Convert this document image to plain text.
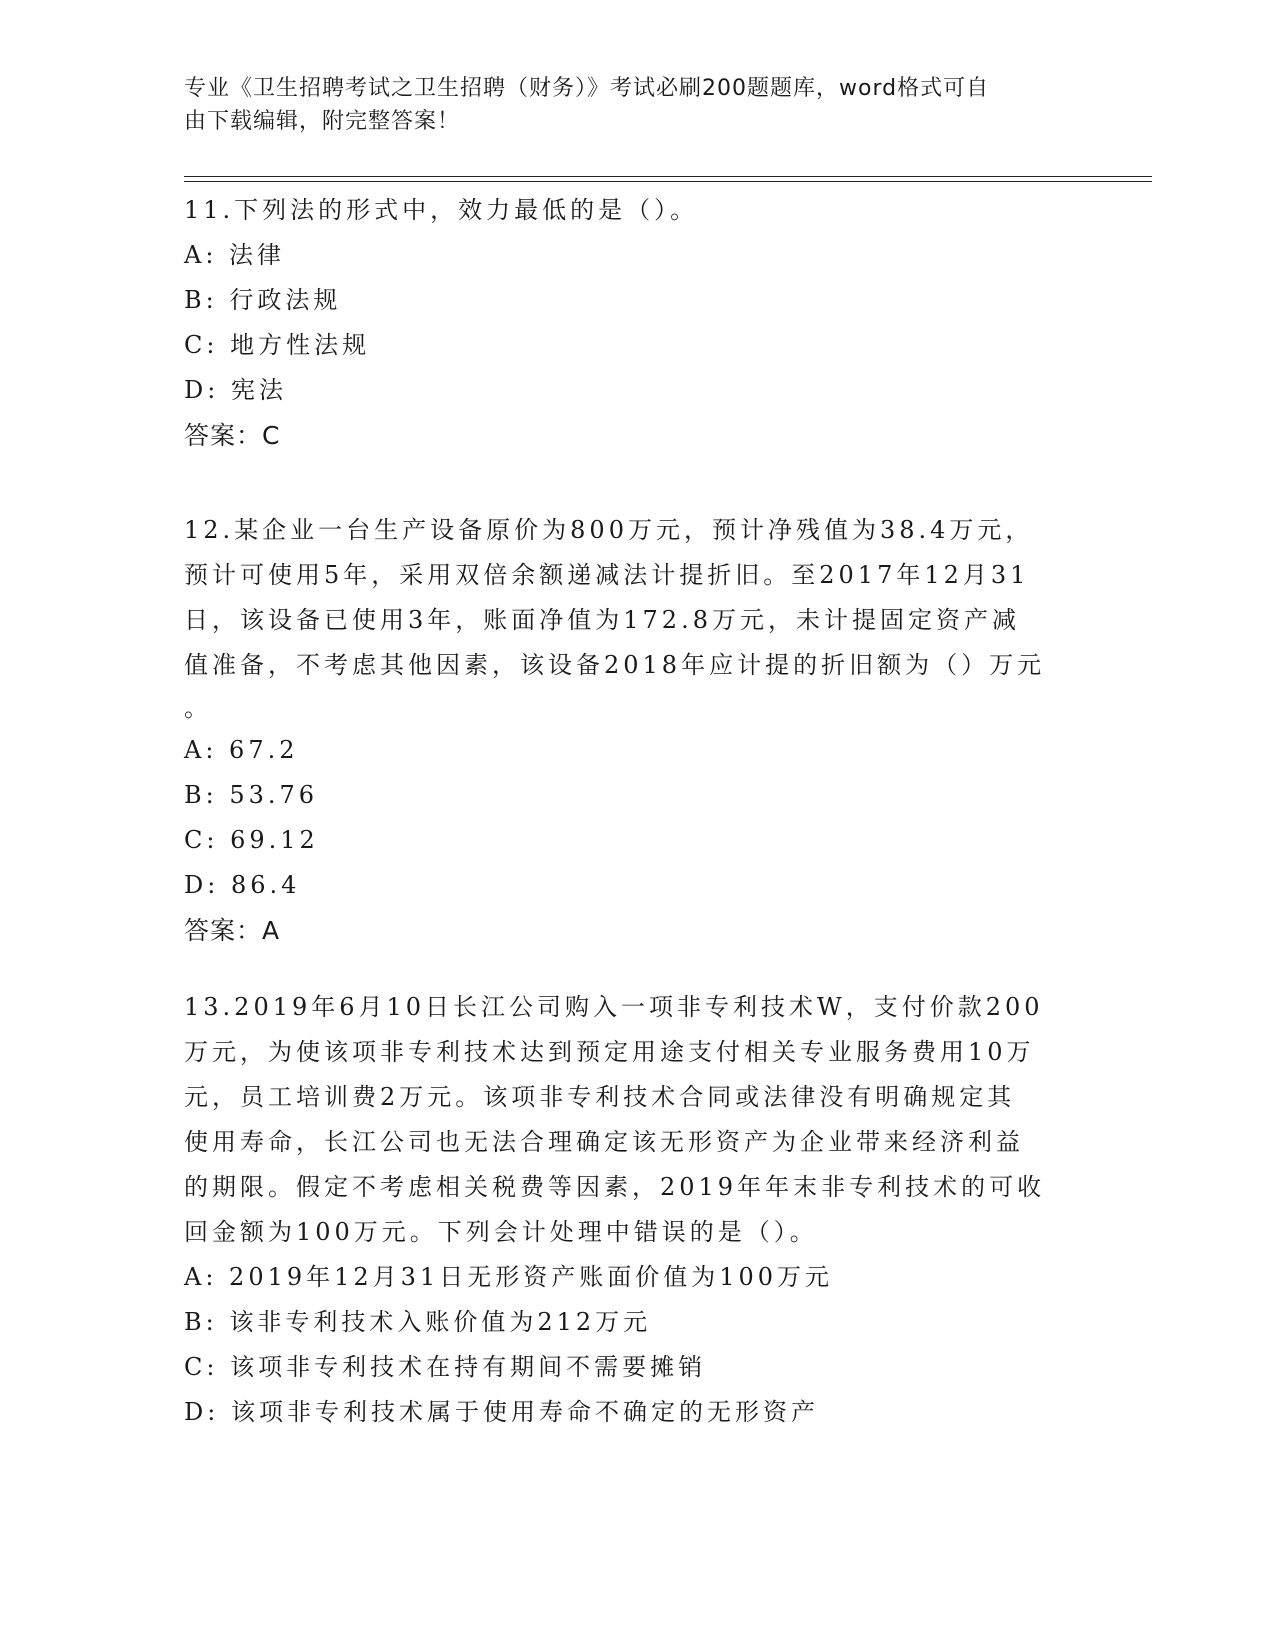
专业《卫生招聘考试之卫生招聘（财务）》考试必刷200题题库，word格式可自
由下载编辑，附完整答案！

11.下列法的形式中，效力最低的是（）。

A: 法律

B: 行政法规

C: 地方性法规

D: 宪法

答案：C

12.某企业一台生产设备原价为800万元，预计净残值为38.4万元，

预计可使用5年，采用双倍余额递减法计提折旧。至2017年12月31

日，该设备已使用3年，账面净值为172.8万元，未计提固定资产减

值准备，不考虑其他因素，该设备2018年应计提的折旧额为（）万元

。

A: 67.2

B: 53.76

C: 69.12

D: 86.4

答案：A

13.2019年6月10日长江公司购入一项非专利技术W，支付价款200

万元，为使该项非专利技术达到预定用途支付相关专业服务费用10万

元，员工培训费2万元。该项非专利技术合同或法律没有明确规定其

使用寿命，长江公司也无法合理确定该无形资产为企业带来经济利益

的期限。假定不考虑相关税费等因素，2019年年末非专利技术的可收

回金额为100万元。下列会计处理中错误的是（）。

A: 2019年12月31日无形资产账面价值为100万元

B: 该非专利技术入账价值为212万元

C: 该项非专利技术在持有期间不需要摊销

D: 该项非专利技术属于使用寿命不确定的无形资产
